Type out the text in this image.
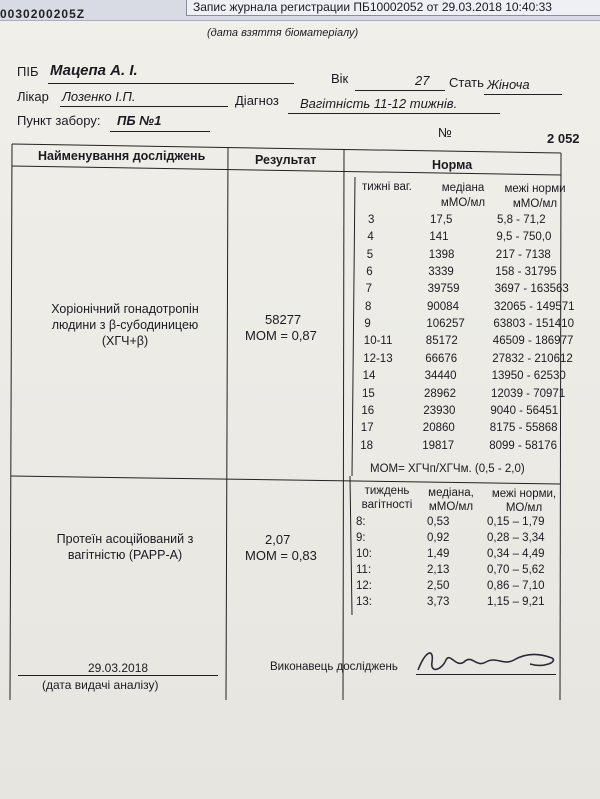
0030200205Z	Запис журнала регистрации ПБ10002052 от 29.03.2018 10:40:33
(дата взяття біоматеріалу)
ПІБ Мацепа А. І.	Вік	27 Стать Жіноча
Лікар Лозенко І.П.	Діагноз Вагітність 11-12 тижнів.
Пункт забору: ПБ №1
№	2 052
Найменування досліджень	Результат	Норма
Хоріонічний гонадотропін людини з β-субодиницею (ХГЧ+β)
58277
МОМ = 0,87
тижні ваг.	медіана мМО/мл
межі норми мМО/мл
3	17,5	5,8 - 71,2
4	141	9,5 - 750,0
5	1398	217 - 7138
6	3339	158 - 31795
7	39759	3697 - 163563
8	90084	32065 - 149571
9	106257 63803 - 151410
10-11	85172	46509 - 186977
12-13	66676	27832 - 210612
14	34440	13950 - 62530
15	28962	12039 - 70971
16	23930	9040 - 56451
17	20860	8175 - 55868
18	19817	8099 - 58176
МОМ= ХГЧп/ХГЧм. (0,5 - 2,0)
Протеїн асоційований з вагітністю (PAPP-A)
2,07
МОМ = 0,83
тиждень вагітності
медіана, мМО/мл
межі норми, МО/мл
8:	0,53	0,15 – 1,79
9:	0,92	0,28 – 3,34
10:	1,49	0,34 – 4,49
11:	2,13	0,70 – 5,62
12:	2,50	0,86 – 7,10
13:	3,73	1,15 – 9,21
29.03.2018
(дата видачі аналізу)
Виконавець досліджень
